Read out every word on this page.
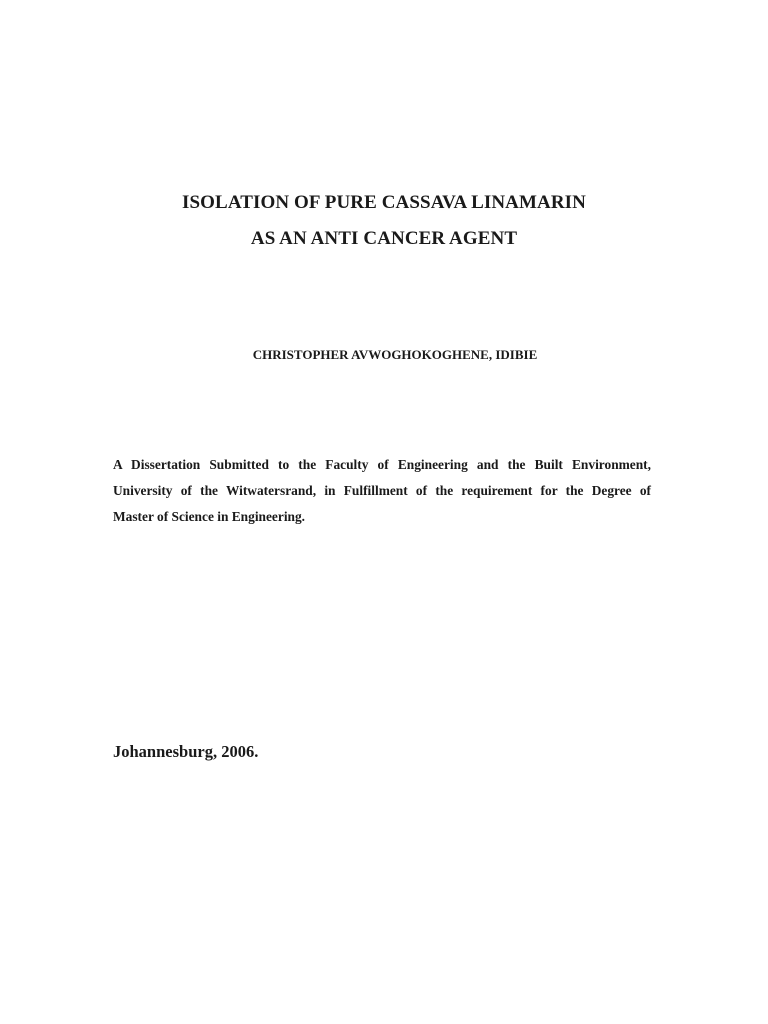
ISOLATION OF PURE CASSAVA LINAMARIN
AS AN ANTI CANCER AGENT
CHRISTOPHER AVWOGHOKOGHENE, IDIBIE
A Dissertation Submitted to the Faculty of Engineering and the Built Environment,
University of the Witwatersrand, in Fulfillment of the requirement for the Degree of
Master of Science in Engineering.
Johannesburg, 2006.
